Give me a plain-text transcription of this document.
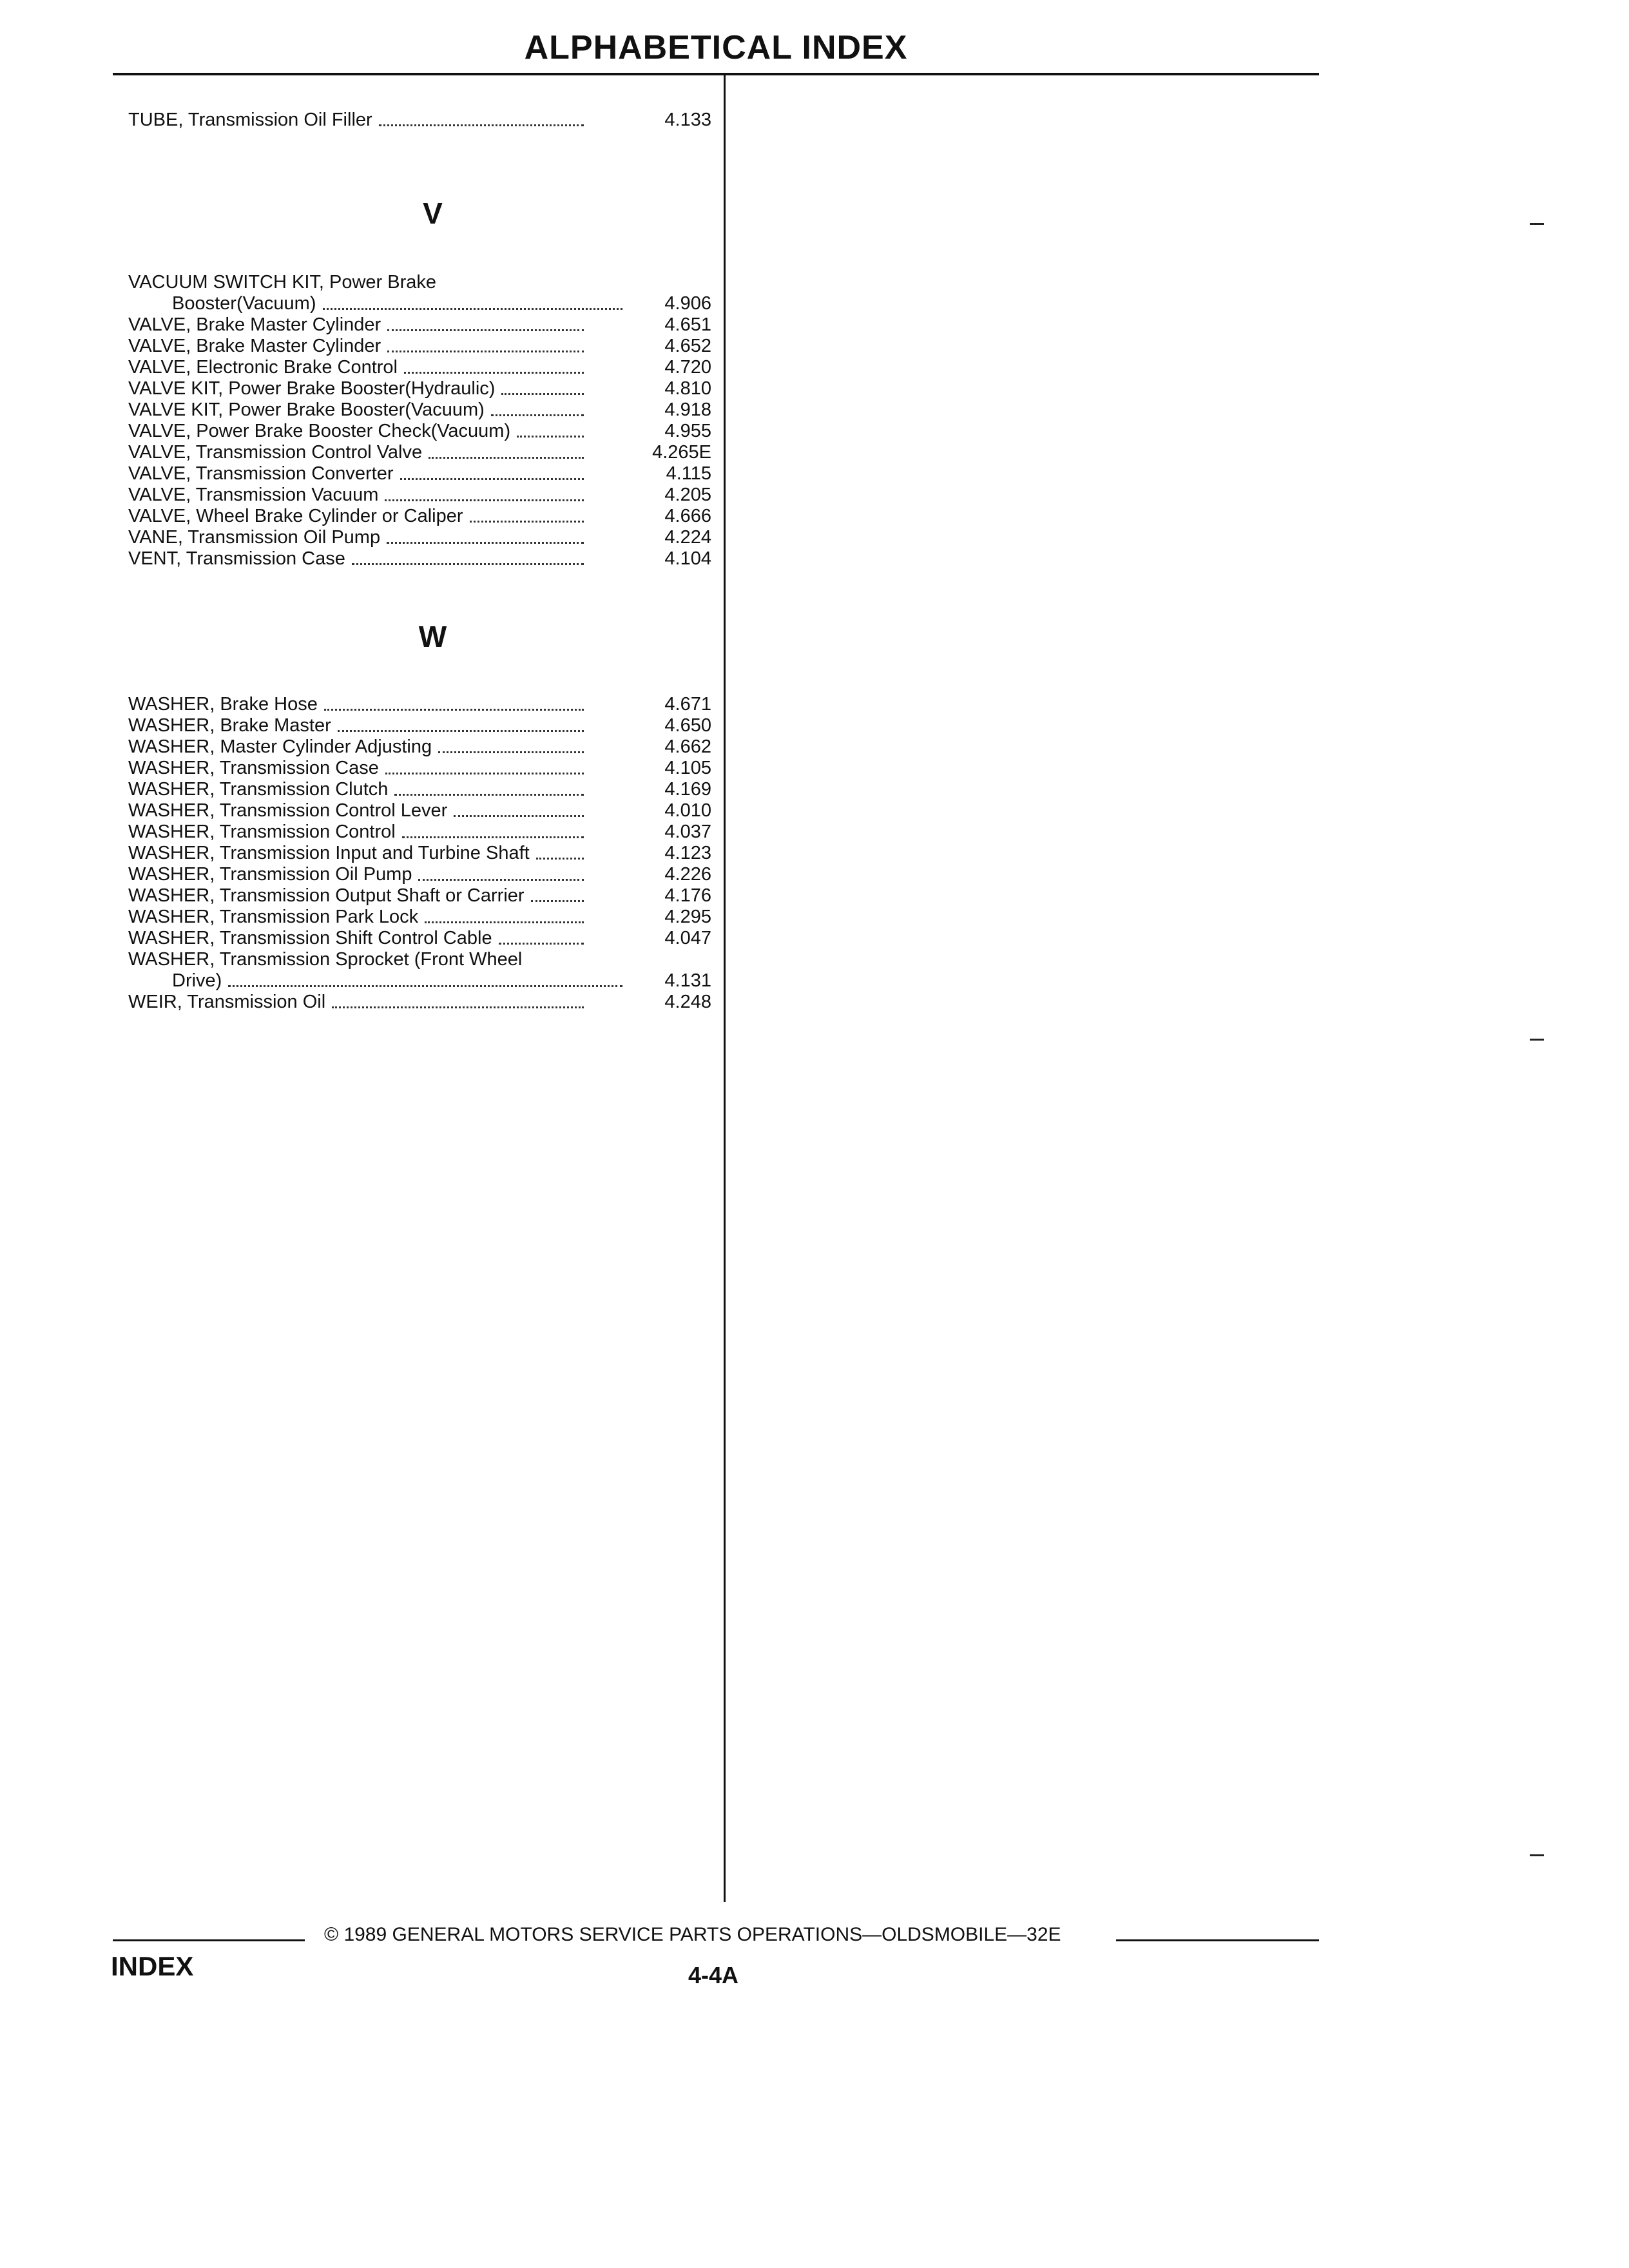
ALPHABETICAL INDEX
TUBE, Transmission Oil Filler	4.133
V
VACUUM SWITCH KIT, Power Brake
Booster(Vacuum)	4.906
VALVE, Brake Master Cylinder	4.651
VALVE, Brake Master Cylinder	4.652
VALVE, Electronic Brake Control	4.720
VALVE KIT, Power Brake Booster(Hydraulic)	4.810
VALVE KIT, Power Brake Booster(Vacuum)	4.918
VALVE, Power Brake Booster Check(Vacuum)	4.955
VALVE, Transmission Control Valve	4.265E
VALVE, Transmission Converter	4.115
VALVE, Transmission Vacuum	4.205
VALVE, Wheel Brake Cylinder or Caliper	4.666
VANE, Transmission Oil Pump	4.224
VENT, Transmission Case	4.104
W
WASHER, Brake Hose	4.671
WASHER, Brake Master	4.650
WASHER, Master Cylinder Adjusting	4.662
WASHER, Transmission Case	4.105
WASHER, Transmission Clutch	4.169
WASHER, Transmission Control Lever	4.010
WASHER, Transmission Control	4.037
WASHER, Transmission Input and Turbine Shaft	4.123
WASHER, Transmission Oil Pump	4.226
WASHER, Transmission Output Shaft or Carrier	4.176
WASHER, Transmission Park Lock	4.295
WASHER, Transmission Shift Control Cable	4.047
WASHER, Transmission Sprocket (Front Wheel
Drive)	4.131
WEIR, Transmission Oil	4.248
© 1989 GENERAL MOTORS SERVICE PARTS OPERATIONS—OLDSMOBILE—32E
INDEX	4-4A
